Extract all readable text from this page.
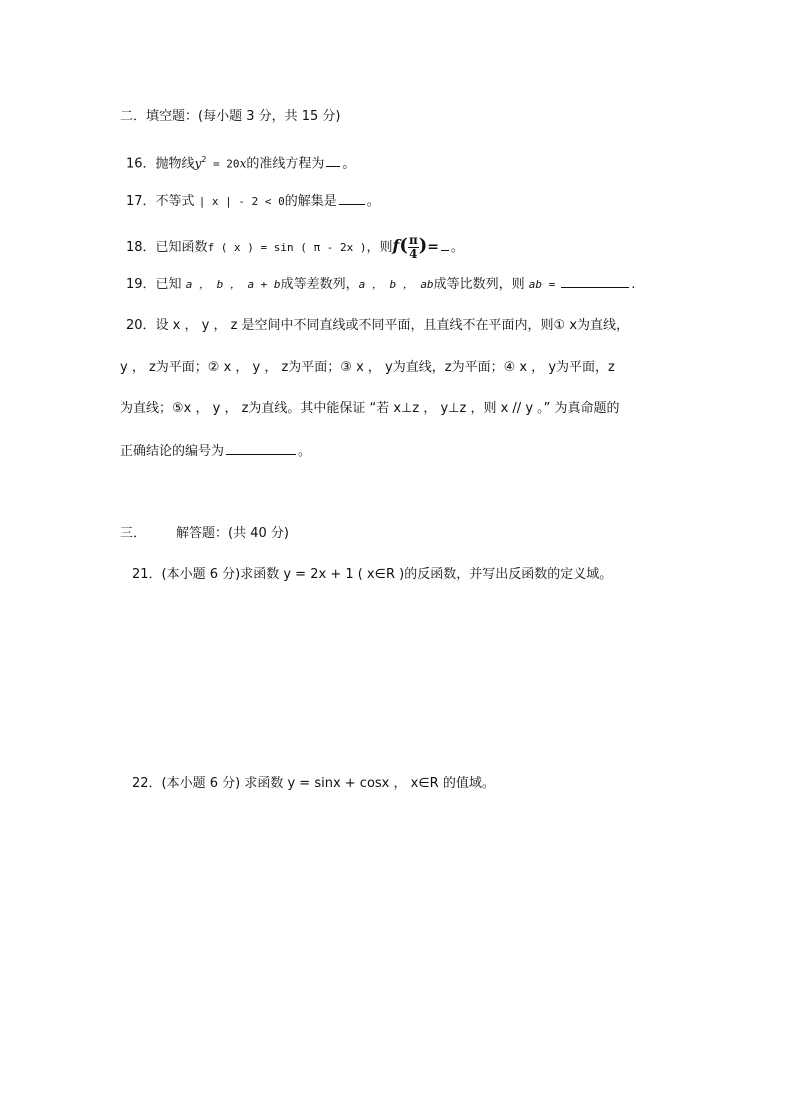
二．填空题：(每小题 3 分，共 15 分)
16．抛物线$y^2 = 20x$的准线方程为 。
17．不等式 | x | - 2 < 0的解集是 。
18．已知函数f ( x ) = sin ( π - 2x )，则$f( \frac{\pi}{4}$ )= 。
19．已知 a ， b ， a + b成等差数列，a ， b ， ab成等比数列，则 ab =	.
20．设 x ， y ， z 是空间中不同直线或不同平面，且直线不在平面内，则① x为直线，
y ， z为平面；② x ， y ， z为平面；③ x ， y为直线，z为平面；④ x ， y为平面，z
为直线；⑤x ， y ， z为直线。其中能保证 “若 x⊥z ， y⊥z ，则 x // y 。” 为真命题的
正确结论的编号为	。
三． 解答题：(共 40 分)
21．(本小题 6 分)求函数 y = 2x + 1 ( x∈R )的反函数，并写出反函数的定义域。
22．(本小题 6 分) 求函数 y = sinx + cosx ， x∈R 的值域。
